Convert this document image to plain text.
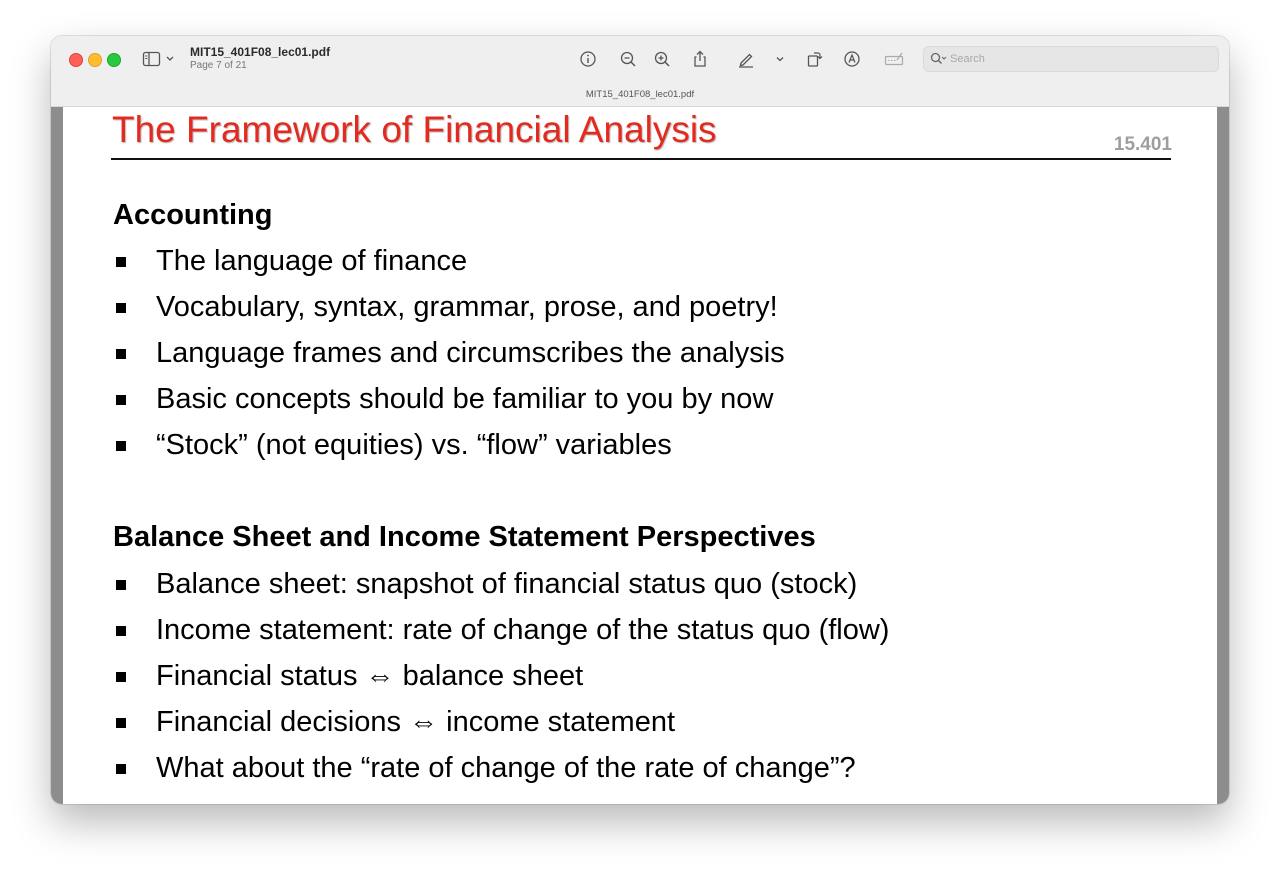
MIT15_401F08_lec01.pdf
Page 7 of 21
Search
MIT15_401F08_lec01.pdf
The Framework of Financial Analysis	15.401
Accounting
The language of finance
Vocabulary, syntax, grammar, prose, and poetry!
Language frames and circumscribes the analysis
Basic concepts should be familiar to you by now
“Stock” (not equities) vs. “flow” variables
Balance Sheet and Income Statement Perspectives
Balance sheet: snapshot of financial status quo (stock)
Income statement: rate of change of the status quo (flow)
Financial status ⇔ balance sheet
Financial decisions ⇔ income statement
What about the “rate of change of the rate of change”?
